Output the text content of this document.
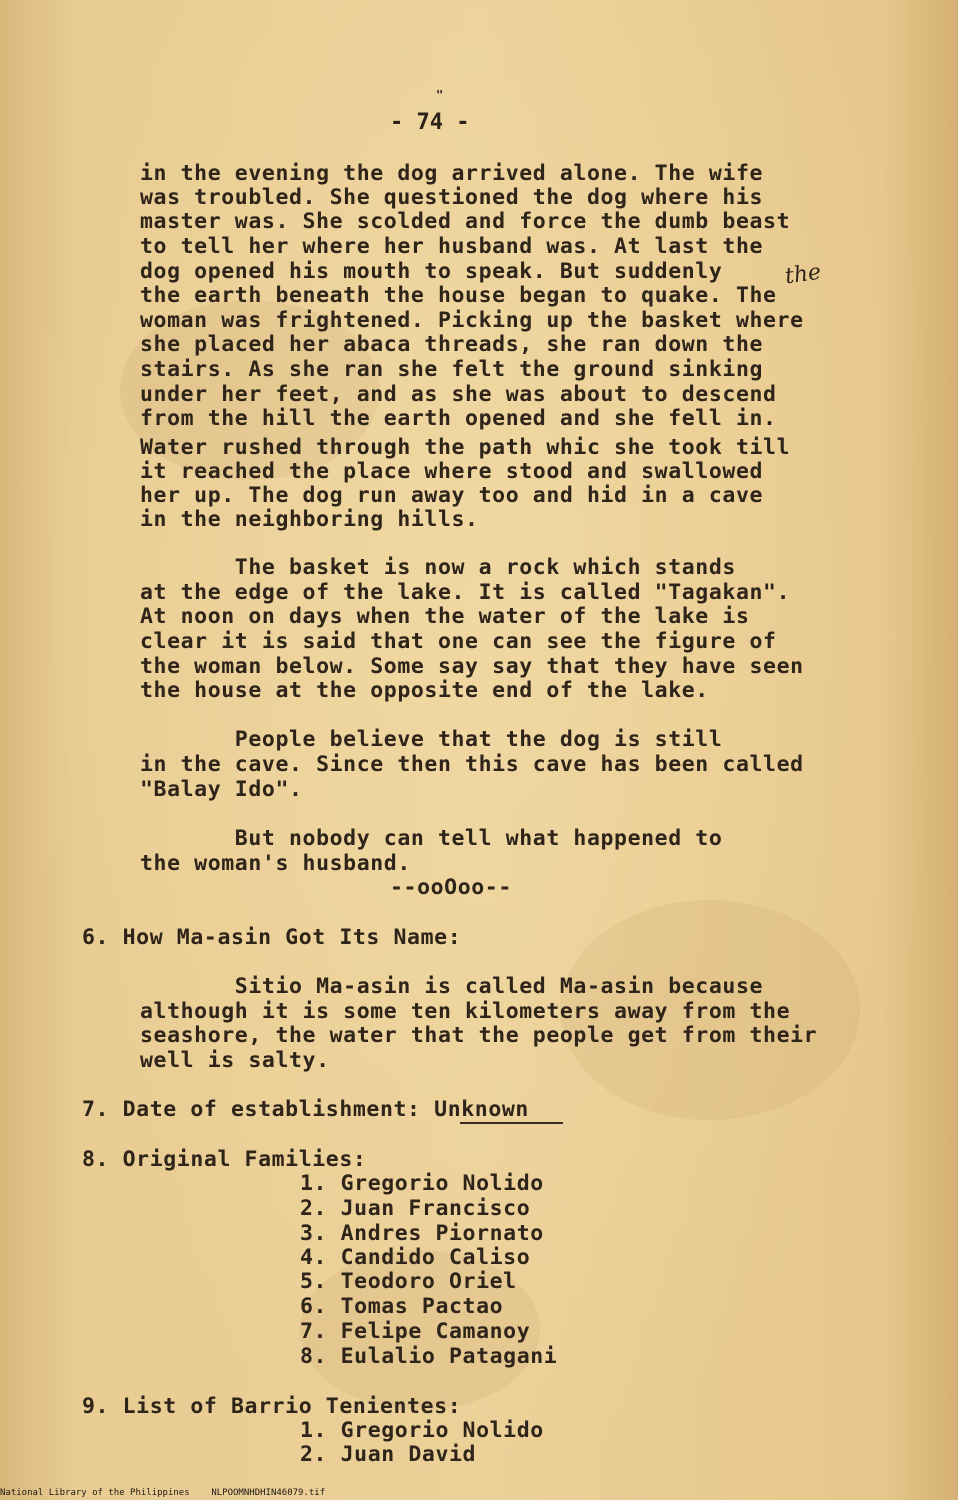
"
- 74 -
in the evening the dog arrived alone. The wife
was troubled. She questioned the dog where his
master was. She scolded and force the dumb beast
to tell her where her husband was. At last the
dog opened his mouth to speak. But suddenly	the
the earth beneath the house began to quake. The
woman was frightened. Picking up the basket where
she placed her abaca threads, she ran down the
stairs. As she ran she felt the ground sinking
under her feet, and as she was about to descend
from the hill the earth opened and she fell in.
Water rushed through the path whic she took till
it reached the place where stood and swallowed
her up. The dog run away too and hid in a cave
in the neighboring hills.
The basket is now a rock which stands
at the edge of the lake. It is called "Tagakan".
At noon on days when the water of the lake is
clear it is said that one can see the figure of
the woman below. Some say say that they have seen
the house at the opposite end of the lake.
People believe that the dog is still
in the cave. Since then this cave has been called
"Balay Ido".
But nobody can tell what happened to
the woman's husband.
--ooOoo--
6. How Ma-asin Got Its Name:
Sitio Ma-asin is called Ma-asin because
although it is some ten kilometers away from the
seashore, the water that the people get from their
well is salty.
7. Date of establishment: Unknown
8. Original Families:
1. Gregorio Nolido
2. Juan Francisco
3. Andres Piornato
4. Candido Caliso
5. Teodoro Oriel
6. Tomas Pactao
7. Felipe Camanoy
8. Eulalio Patagani
9. List of Barrio Tenientes:
1. Gregorio Nolido
2. Juan David
National Library of the Philippines NLPOOMNHDHIN46079.tif
